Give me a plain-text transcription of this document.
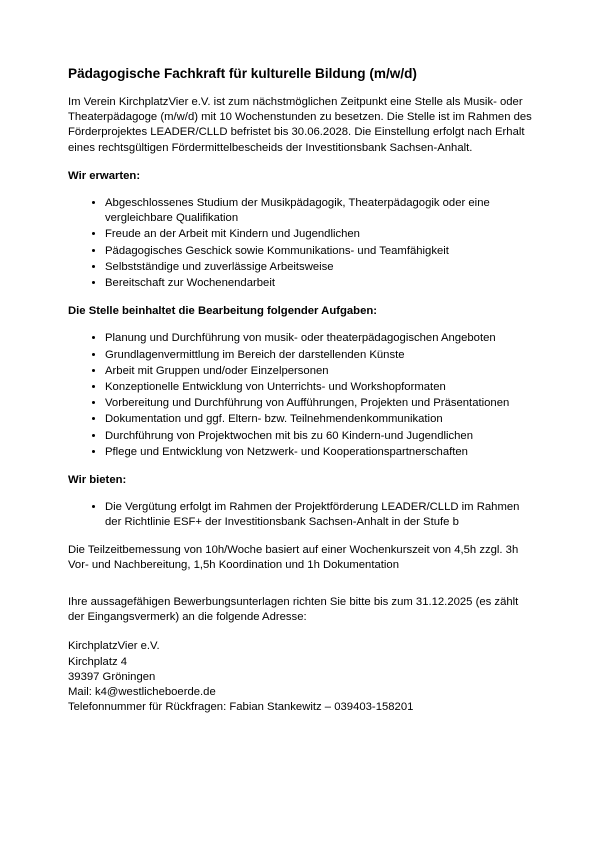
Pädagogische Fachkraft für kulturelle Bildung (m/w/d)

Im Verein KirchplatzVier e.V. ist zum nächstmöglichen Zeitpunkt eine Stelle als Musik- oder Theaterpädagoge (m/w/d) mit 10 Wochenstunden zu besetzen. Die Stelle ist im Rahmen des Förderprojektes LEADER/CLLD befristet bis 30.06.2028. Die Einstellung erfolgt nach Erhalt eines rechtsgültigen Fördermittelbescheids der Investitionsbank Sachsen-Anhalt.

Wir erwarten:
• Abgeschlossenes Studium der Musikpädagogik, Theaterpädagogik oder eine vergleichbare Qualifikation
• Freude an der Arbeit mit Kindern und Jugendlichen
• Pädagogisches Geschick sowie Kommunikations- und Teamfähigkeit
• Selbstständige und zuverlässige Arbeitsweise
• Bereitschaft zur Wochenendarbeit
Die Stelle beinhaltet die Bearbeitung folgender Aufgaben:
• Planung und Durchführung von musik- oder theaterpädagogischen Angeboten
• Grundlagenvermittlung im Bereich der darstellenden Künste
• Arbeit mit Gruppen und/oder Einzelpersonen
• Konzeptionelle Entwicklung von Unterrichts- und Workshopformaten
• Vorbereitung und Durchführung von Aufführungen, Projekten und Präsentationen
• Dokumentation und ggf. Eltern- bzw. Teilnehmendenkommunikation
• Durchführung von Projektwochen mit bis zu 60 Kindern-und Jugendlichen
• Pflege und Entwicklung von Netzwerk- und Kooperationspartnerschaften
Wir bieten:
• Die Vergütung erfolgt im Rahmen der Projektförderung LEADER/CLLD im Rahmen der Richtlinie ESF+ der Investitionsbank Sachsen-Anhalt in der Stufe b

Die Teilzeitbemessung von 10h/Woche basiert auf einer Wochenkurszeit von 4,5h zzgl. 3h Vor- und Nachbereitung, 1,5h Koordination und 1h Dokumentation

Ihre aussagefähigen Bewerbungsunterlagen richten Sie bitte bis zum 31.12.2025 (es zählt der Eingangsvermerk) an die folgende Adresse:

KirchplatzVier e.V.
Kirchplatz 4
39397 Gröningen
Mail: k4@westlicheboerde.de
Telefonnummer für Rückfragen: Fabian Stankewitz – 039403-158201
